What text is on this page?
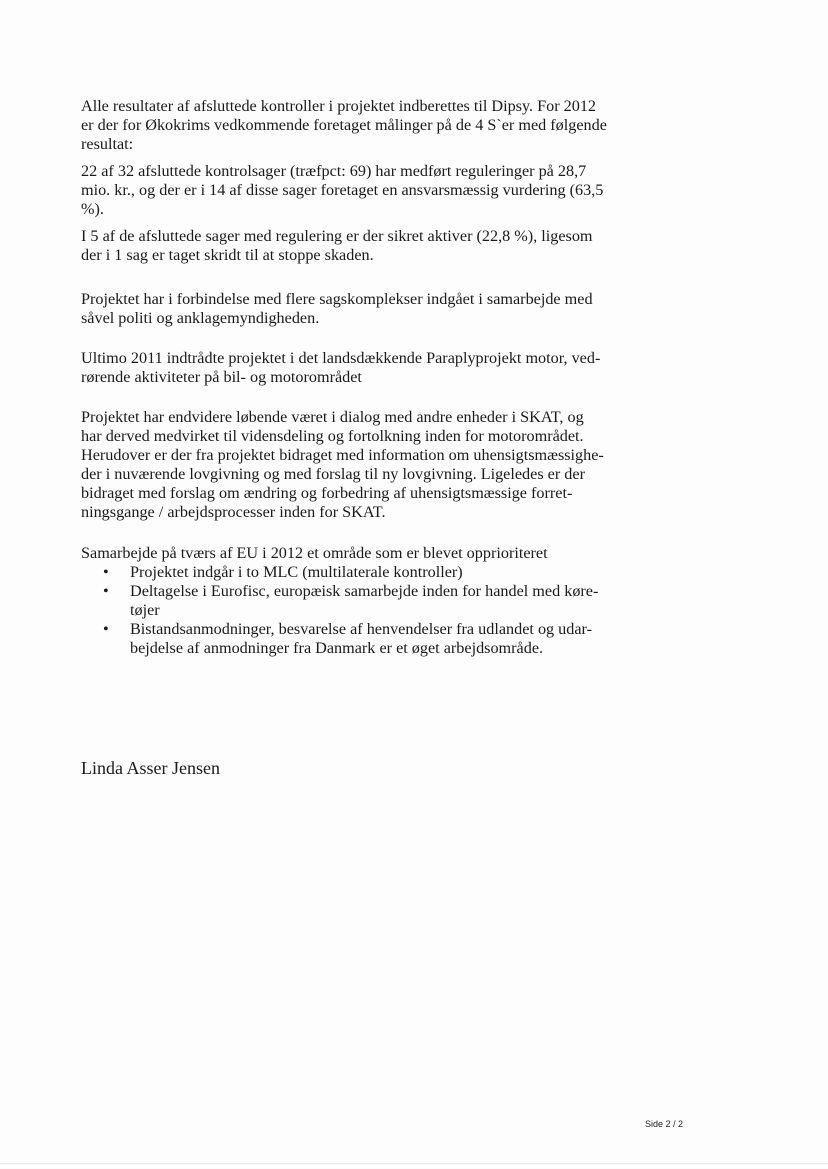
Alle resultater af afsluttede kontroller i projektet indberettes til Dipsy. For 2012
er der for Økokrims vedkommende foretaget målinger på de 4 S`er med følgende
resultat:

22 af 32 afsluttede kontrolsager (træfpct: 69) har medført reguleringer på 28,7
mio. kr., og der er i 14 af disse sager foretaget en ansvarsmæssig vurdering (63,5
%).

I 5 af de afsluttede sager med regulering er der sikret aktiver (22,8 %), ligesom
der i 1 sag er taget skridt til at stoppe skaden.

Projektet har i forbindelse med flere sagskomplekser indgået i samarbejde med
såvel politi og anklagemyndigheden.

Ultimo 2011 indtrådte projektet i det landsdækkende Paraplyprojekt motor, ved-
rørende aktiviteter på bil- og motorområdet

Projektet har endvidere løbende været i dialog med andre enheder i SKAT, og
har derved medvirket til vidensdeling og fortolkning inden for motorområdet.
Herudover er der fra projektet bidraget med information om uhensigtsmæssighe-
der i nuværende lovgivning og med forslag til ny lovgivning. Ligeledes er der
bidraget med forslag om ændring og forbedring af uhensigtsmæssige forret-
ningsgange / arbejdsprocesser inden for SKAT.

Samarbejde på tværs af EU i 2012 et område som er blevet opprioriteret

• Projektet indgår i to MLC (multilaterale kontroller)
• Deltagelse i Eurofisc, europæisk samarbejde inden for handel med køre-
tøjer
• Bistandsanmodninger, besvarelse af henvendelser fra udlandet og udar-
bejdelse af anmodninger fra Danmark er et øget arbejdsområde.
Linda Asser Jensen
Side 2 / 2
